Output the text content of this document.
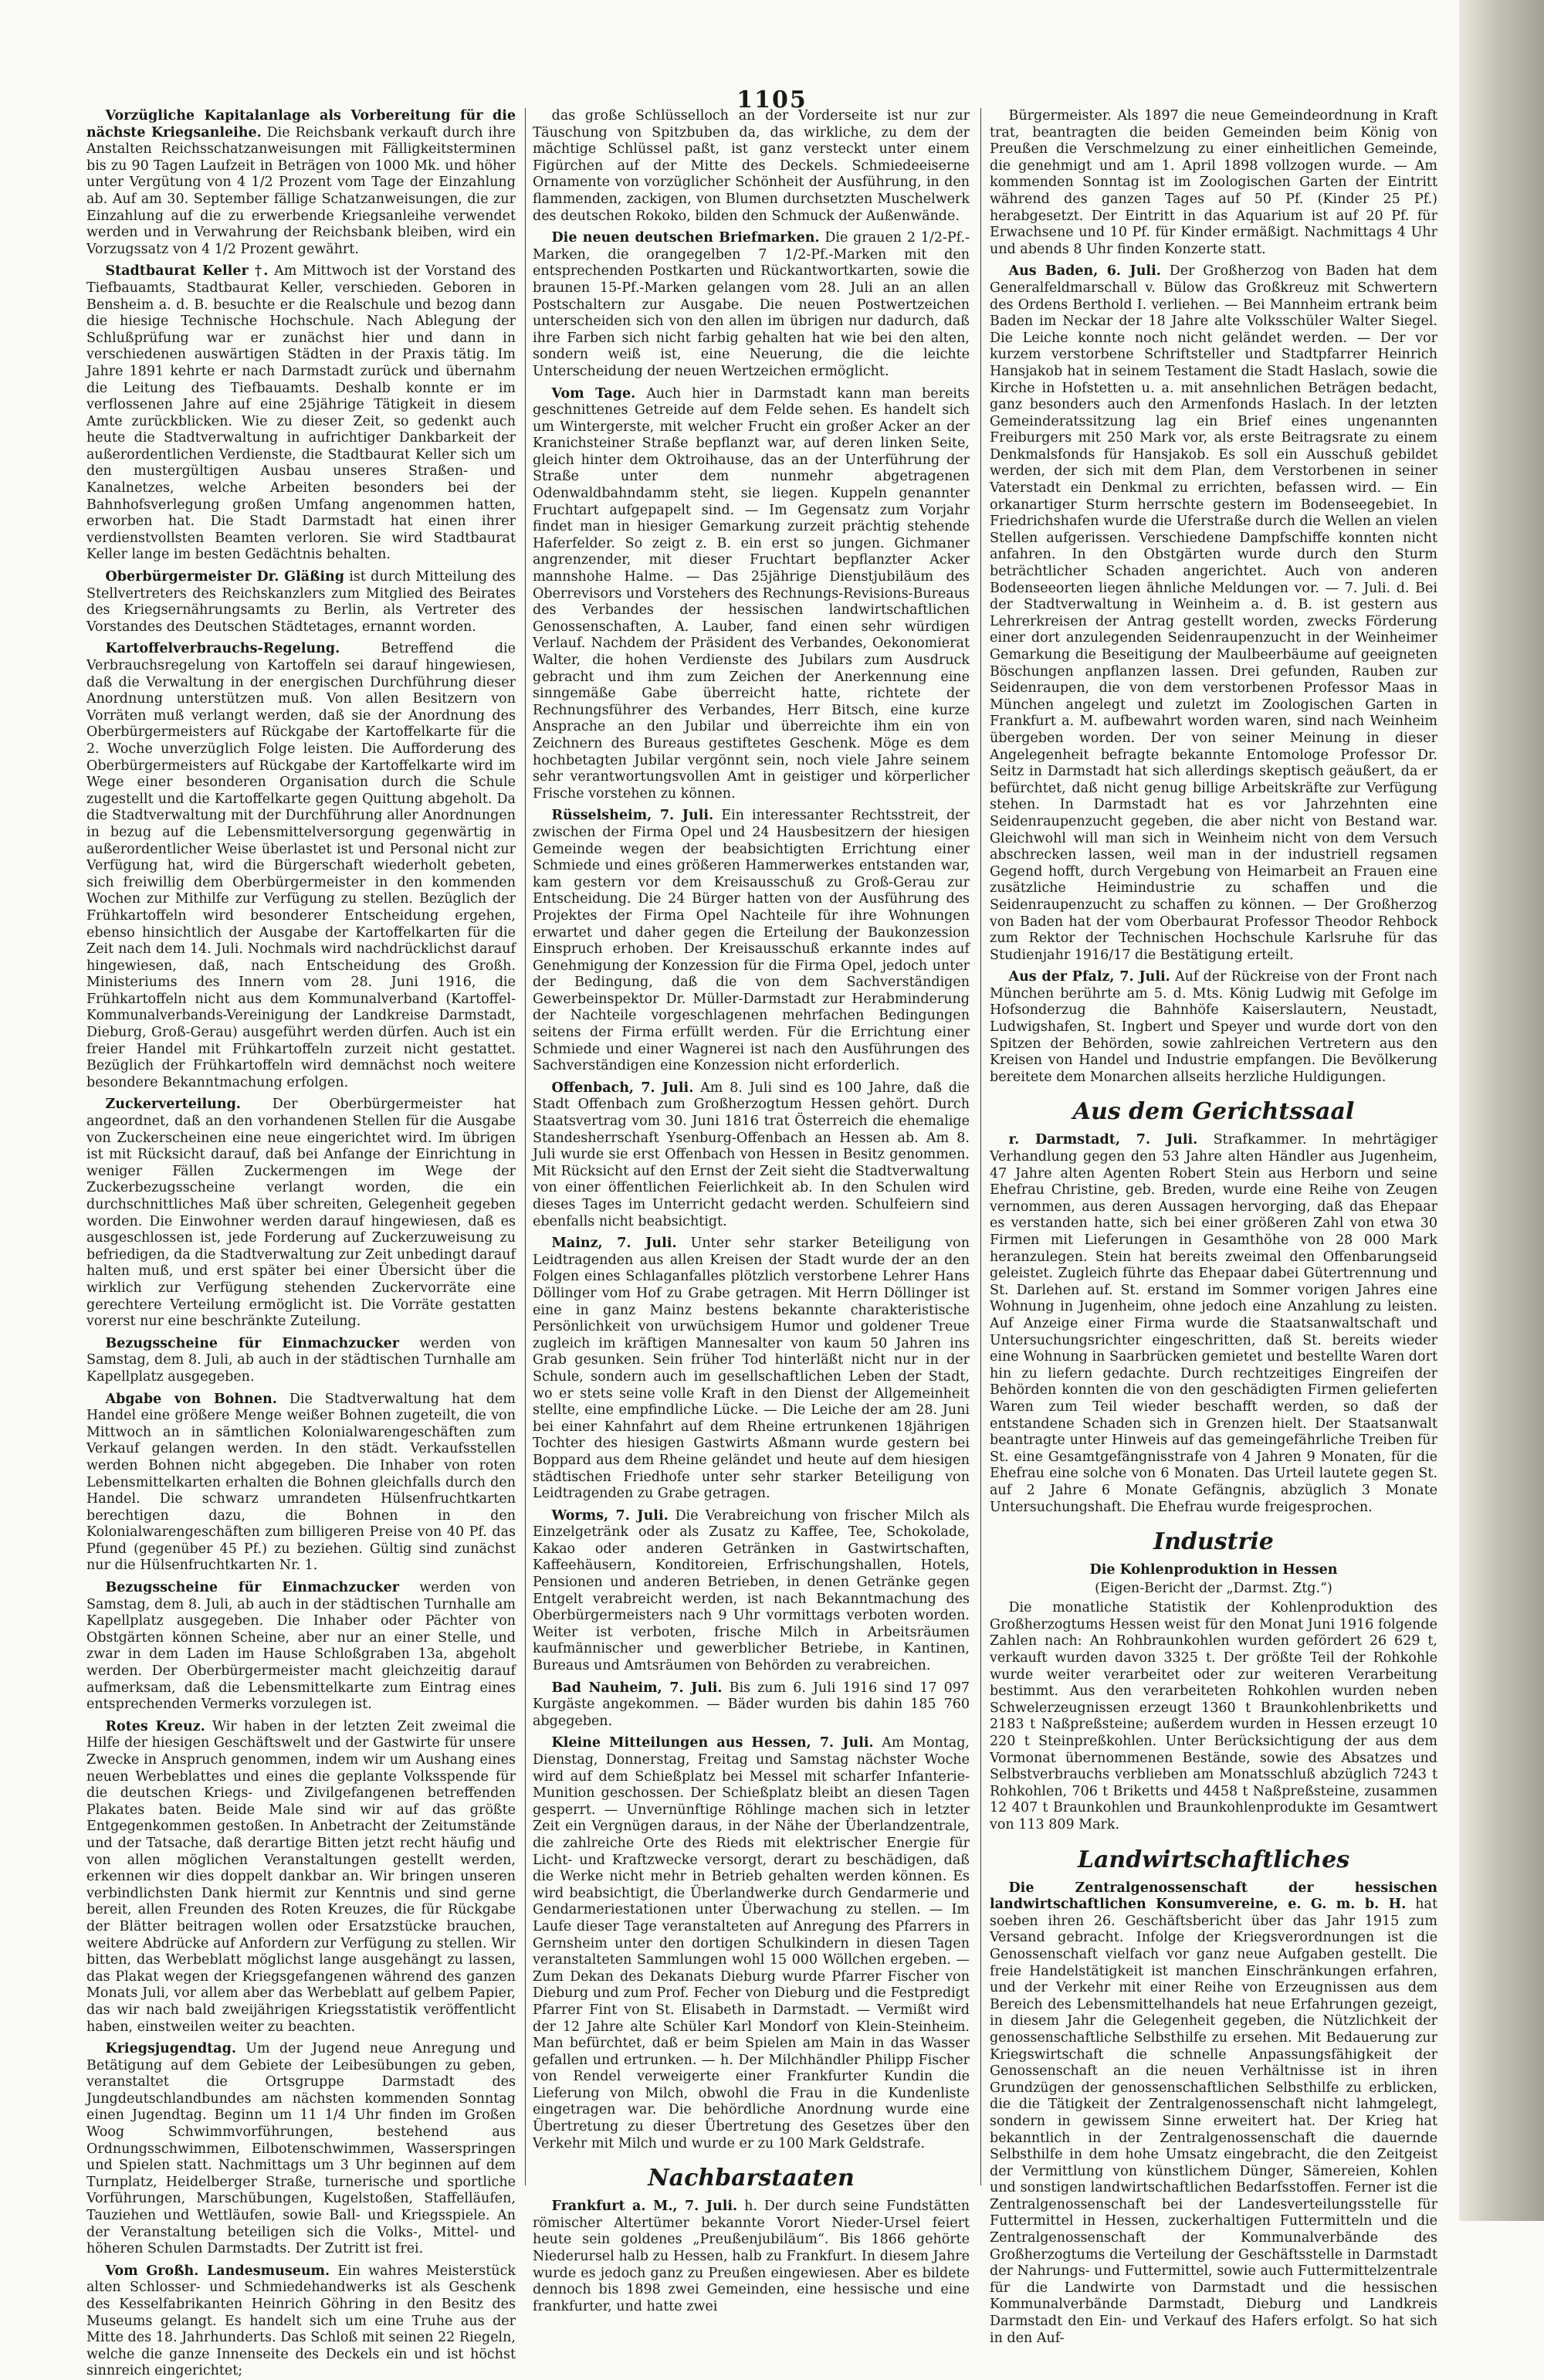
1105

Vorzügliche Kapitalanlage als Vorbereitung für die nächste Kriegsanleihe. Die Reichsbank verkauft durch ihre Anstalten Reichsschatzanweisungen mit Fälligkeitsterminen bis zu 90 Tagen Laufzeit in Beträgen von 1000 Mk. und höher unter Vergütung von 4 1/2 Prozent vom Tage der Einzahlung ab. Auf am 30. September fällige Schatzanweisungen, die zur Einzahlung auf die zu erwerbende Kriegsanleihe verwendet werden und in Verwahrung der Reichsbank bleiben, wird ein Vorzugssatz von 4 1/2 Prozent gewährt.

Stadtbaurat Keller †. Am Mittwoch ist der Vorstand des Tiefbauamts, Stadtbaurat Keller, verschieden. Geboren in Bensheim a. d. B. besuchte er die Realschule und bezog dann die hiesige Technische Hochschule. Nach Ablegung der Schlußprüfung war er zunächst hier und dann in verschiedenen auswärtigen Städten in der Praxis tätig. Im Jahre 1891 kehrte er nach Darmstadt zurück und übernahm die Leitung des Tiefbauamts. Deshalb konnte er im verflossenen Jahre auf eine 25jährige Tätigkeit in diesem Amte zurückblicken. Wie zu dieser Zeit, so gedenkt auch heute die Stadtverwaltung in aufrichtiger Dankbarkeit der außerordentlichen Verdienste, die Stadtbaurat Keller sich um den mustergültigen Ausbau unseres Straßen- und Kanalnetzes, welche Arbeiten besonders bei der Bahnhofsverlegung großen Umfang angenommen hatten, erworben hat. Die Stadt Darmstadt hat einen ihrer verdienstvollsten Beamten verloren. Sie wird Stadtbaurat Keller lange im besten Gedächtnis behalten.

Oberbürgermeister Dr. Gläßing ist durch Mitteilung des Stellvertreters des Reichskanzlers zum Mitglied des Beirates des Kriegsernährungsamts zu Berlin, als Vertreter des Vorstandes des Deutschen Städtetages, ernannt worden.

Kartoffelverbrauchs-Regelung.	Betreffend die Verbrauchsregelung von Kartoffeln sei darauf hingewiesen, daß die Verwaltung in der energischen Durchführung dieser Anordnung unterstützen muß. Von allen Besitzern von Vorräten muß verlangt werden, daß sie der Anordnung des Oberbürgermeisters auf Rückgabe der Kartoffelkarte für die 2. Woche unverzüglich Folge leisten. Die Aufforderung des Oberbürgermeisters auf Rückgabe der Kartoffelkarte wird im Wege einer besonderen Organisation durch die Schule zugestellt und die Kartoffelkarte gegen Quittung abgeholt. Da die Stadtverwaltung mit der Durchführung aller Anordnungen in bezug auf die Lebensmittelversorgung gegenwärtig in außerordentlicher Weise überlastet ist und Personal nicht zur Verfügung hat, wird die Bürgerschaft wiederholt gebeten, sich freiwillig dem Oberbürgermeister in den kommenden Wochen zur Mithilfe zur Verfügung zu stellen. Bezüglich der Frühkartoffeln wird besonderer Entscheidung ergehen, ebenso hinsichtlich der Ausgabe der Kartoffelkarten für die Zeit nach dem 14. Juli. Nochmals wird nachdrücklichst darauf hingewiesen, daß, nach Entscheidung des Großh. Ministeriums des Innern vom 28. Juni 1916, die Frühkartoffeln nicht aus dem Kommunalverband (Kartoffel-Kommunalverbands-Vereinigung der Landkreise Darmstadt, Dieburg, Groß-Gerau) ausgeführt werden dürfen. Auch ist ein freier Handel mit Frühkartoffeln zurzeit nicht gestattet. Bezüglich der Frühkartoffeln wird demnächst noch weitere besondere Bekanntmachung erfolgen.

Zuckerverteilung. Der Oberbürgermeister hat angeordnet, daß an den vorhandenen Stellen für die Ausgabe von Zuckerscheinen eine neue eingerichtet wird. Im übrigen ist mit Rücksicht darauf, daß bei Anfange der Einrichtung in weniger Fällen Zuckermengen im Wege der Zuckerbezugsscheine verlangt worden, die ein durchschnittliches Maß über schreiten, Gelegenheit gegeben worden. Die Einwohner werden darauf hingewiesen, daß es ausgeschlossen ist, jede Forderung auf Zuckerzuweisung zu befriedigen, da die Stadtverwaltung zur Zeit unbedingt darauf halten muß, und erst später bei einer Übersicht über die wirklich zur Verfügung stehenden Zuckervorräte eine gerechtere Verteilung ermöglicht ist. Die Vorräte gestatten vorerst nur eine beschränkte Zuteilung.

Bezugsscheine für Einmachzucker werden von Samstag, dem 8. Juli, ab auch in der städtischen Turnhalle am Kapellplatz ausgegeben.

Abgabe von Bohnen. Die Stadtverwaltung hat dem Handel eine größere Menge weißer Bohnen zugeteilt, die von Mittwoch an in sämtlichen Kolonialwarengeschäften zum Verkauf gelangen werden. In den städt. Verkaufsstellen werden Bohnen nicht abgegeben. Die Inhaber von roten Lebensmittelkarten erhalten die Bohnen gleichfalls durch den Handel. Die schwarz umrandeten Hülsenfruchtkarten berechtigen dazu, die Bohnen in den Kolonialwarengeschäften zum billigeren Preise von 40 Pf. das Pfund (gegenüber 45 Pf.) zu beziehen. Gültig sind zunächst nur die Hülsenfruchtkarten Nr. 1.

Bezugsscheine für Einmachzucker werden von Samstag, dem 8. Juli, ab auch in der städtischen Turnhalle am Kapellplatz ausgegeben. Die Inhaber oder Pächter von Obstgärten können Scheine, aber nur an einer Stelle, und zwar in dem Laden im Hause Schloßgraben 13a, abgeholt werden. Der Oberbürgermeister macht gleichzeitig darauf aufmerksam, daß die Lebensmittelkarte zum Eintrag eines entsprechenden Vermerks vorzulegen ist.

Rotes Kreuz. Wir haben in der letzten Zeit zweimal die Hilfe der hiesigen Geschäftswelt und der Gastwirte für unsere Zwecke in Anspruch genommen, indem wir um Aushang eines neuen Werbeblattes und eines die geplante Volksspende für die deutschen Kriegs- und Zivilgefangenen betreffenden Plakates baten. Beide Male sind wir auf das größte Entgegenkommen gestoßen. In Anbetracht der Zeitumstände und der Tatsache, daß derartige Bitten jetzt recht häufig und von allen möglichen Veranstaltungen gestellt werden, erkennen wir dies doppelt dankbar an. Wir bringen unseren verbindlichsten Dank hiermit zur Kenntnis und sind gerne bereit, allen Freunden des Roten Kreuzes, die für Rückgabe der Blätter beitragen wollen oder Ersatzstücke brauchen, weitere Abdrücke auf Anfordern zur Verfügung zu stellen. Wir bitten, das Werbeblatt möglichst lange ausgehängt zu lassen, das Plakat wegen der Kriegsgefangenen während des ganzen Monats Juli, vor allem aber das Werbeblatt auf gelbem Papier, das wir nach bald zweijährigen Kriegsstatistik veröffentlicht haben, einstweilen weiter zu beachten.

Kriegsjugendtag. Um der Jugend neue Anregung und Betätigung auf dem Gebiete der Leibesübungen zu geben, veranstaltet die Ortsgruppe Darmstadt des Jungdeutschlandbundes am nächsten kommenden Sonntag einen Jugendtag. Beginn um 11 1/4 Uhr finden im Großen Woog Schwimmvorführungen, bestehend aus Ordnungsschwimmen, Eilbotenschwimmen, Wasserspringen und Spielen statt. Nachmittags um 3 Uhr beginnen auf dem Turnplatz, Heidelberger Straße, turnerische und sportliche Vorführungen, Marschübungen, Kugelstoßen, Staffelläufen, Tauziehen und Wettläufen, sowie Ball- und Kriegsspiele. An der Veranstaltung beteiligen sich die Volks-, Mittel- und höheren Schulen Darmstadts. Der Zutritt ist frei.

Vom Großh. Landesmuseum. Ein wahres Meisterstück alten Schlosser- und Schmiedehandwerks ist als Geschenk des Kesselfabrikanten Heinrich Göhring in den Besitz des Museums gelangt. Es handelt sich um eine Truhe aus der Mitte des 18. Jahrhunderts. Das Schloß mit seinen 22 Riegeln, welche die ganze Innenseite des Deckels ein und ist höchst sinnreich eingerichtet;

das große Schlüsselloch an der Vorderseite ist nur zur Täuschung von Spitzbuben da, das wirkliche, zu dem der mächtige Schlüssel paßt, ist ganz versteckt unter einem Figürchen auf der Mitte des Deckels. Schmiedeeiserne Ornamente von vorzüglicher Schönheit der Ausführung, in den flammenden, zackigen, von Blumen durchsetzten Muschelwerk des deutschen Rokoko, bilden den Schmuck der Außenwände.

Die neuen deutschen Briefmarken. Die grauen 2 1/2-Pf.-Marken, die orangegelben 7 1/2-Pf.-Marken mit den entsprechenden Postkarten und Rückantwortkarten, sowie die braunen 15-Pf.-Marken gelangen vom 28. Juli an an allen Postschaltern zur Ausgabe. Die neuen Postwertzeichen unterscheiden sich von den allen im übrigen nur dadurch, daß ihre Farben sich nicht farbig gehalten hat wie bei den alten, sondern weiß ist, eine Neuerung, die die leichte Unterscheidung der neuen Wertzeichen ermöglicht.

Vom Tage. Auch hier in Darmstadt kann man bereits geschnittenes Getreide auf dem Felde sehen. Es handelt sich um Wintergerste, mit welcher Frucht ein großer Acker an der Kranichsteiner Straße bepflanzt war, auf deren linken Seite, gleich hinter dem Oktroihause, das an der Unterführung der Straße unter dem nunmehr abgetragenen Odenwaldbahndamm steht, sie liegen. Kuppeln genannter Fruchtart aufgepapelt sind. — Im Gegensatz zum Vorjahr findet man in hiesiger Gemarkung zurzeit prächtig stehende Haferfelder. So zeigt z. B. ein erst so jungen. Gichmaner angrenzender, mit dieser Fruchtart bepflanzter Acker mannshohe Halme. — Das 25jährige Dienstjubiläum des Oberrevisors und Vorstehers des Rechnungs-Revisions-Bureaus des Verbandes der hessischen landwirtschaftlichen Genossenschaften, A. Lauber, fand einen sehr würdigen Verlauf. Nachdem der Präsident des Verbandes, Oekonomierat Walter, die hohen Verdienste des Jubilars zum Ausdruck gebracht und ihm zum Zeichen der Anerkennung eine sinngemäße Gabe überreicht hatte, richtete der Rechnungsführer des Verbandes, Herr Bitsch, eine kurze Ansprache an den Jubilar und überreichte ihm ein von Zeichnern des Bureaus gestiftetes Geschenk. Möge es dem hochbetagten Jubilar vergönnt sein, noch viele Jahre seinem sehr verantwortungsvollen Amt in geistiger und körperlicher Frische vorstehen zu können.

Rüsselsheim, 7. Juli. Ein interessanter Rechtsstreit, der zwischen der Firma Opel und 24 Hausbesitzern der hiesigen Gemeinde wegen der beabsichtigten Errichtung einer Schmiede und eines größeren Hammerwerkes entstanden war, kam gestern vor dem Kreisausschuß zu Groß-Gerau zur Entscheidung. Die 24 Bürger hatten von der Ausführung des Projektes der Firma Opel Nachteile für ihre Wohnungen erwartet und daher gegen die Erteilung der Baukonzession Einspruch erhoben. Der Kreisausschuß erkannte indes auf Genehmigung der Konzession für die Firma Opel, jedoch unter der Bedingung, daß die von dem Sachverständigen Gewerbeinspektor Dr. Müller-Darmstadt zur Herabminderung der Nachteile vorgeschlagenen mehrfachen Bedingungen seitens der Firma erfüllt werden. Für die Errichtung einer Schmiede und einer Wagnerei ist nach den Ausführungen des Sachverständigen eine Konzession nicht erforderlich.

Offenbach, 7. Juli. Am 8. Juli sind es 100 Jahre, daß die Stadt Offenbach zum Großherzogtum Hessen gehört. Durch Staatsvertrag vom 30. Juni 1816 trat Österreich die ehemalige Standesherrschaft Ysenburg-Offenbach an Hessen ab. Am 8. Juli wurde sie erst Offenbach von Hessen in Besitz genommen. Mit Rücksicht auf den Ernst der Zeit sieht die Stadtverwaltung von einer öffentlichen Feierlichkeit ab. In den Schulen wird dieses Tages im Unterricht gedacht werden. Schulfeiern sind ebenfalls nicht beabsichtigt.

Mainz, 7. Juli. Unter sehr starker Beteiligung von Leidtragenden aus allen Kreisen der Stadt wurde der an den Folgen eines Schlaganfalles plötzlich verstorbene Lehrer Hans Döllinger vom Hof zu Grabe getragen. Mit Herrn Döllinger ist eine in ganz Mainz bestens bekannte charakteristische Persönlichkeit von urwüchsigem Humor und goldener Treue zugleich im kräftigen Mannesalter von kaum 50 Jahren ins Grab gesunken. Sein früher Tod hinterläßt nicht nur in der Schule, sondern auch im gesellschaftlichen Leben der Stadt, wo er stets seine volle Kraft in den Dienst der Allgemeinheit stellte, eine empfindliche Lücke. — Die Leiche der am 28. Juni bei einer Kahnfahrt auf dem Rheine ertrunkenen 18jährigen Tochter des hiesigen Gastwirts Aßmann wurde gestern bei Boppard aus dem Rheine geländet und heute auf dem hiesigen städtischen Friedhofe unter sehr starker Beteiligung von Leidtragenden zu Grabe getragen.

Worms, 7. Juli. Die Verabreichung von frischer Milch als Einzelgetränk oder als Zusatz zu Kaffee, Tee, Schokolade, Kakao oder anderen Getränken in Gastwirtschaften, Kaffeehäusern, Konditoreien, Erfrischungshallen, Hotels, Pensionen und anderen Betrieben, in denen Getränke gegen Entgelt verabreicht werden, ist nach Bekanntmachung des Oberbürgermeisters nach 9 Uhr vormittags verboten worden. Weiter ist verboten, frische Milch in Arbeitsräumen kaufmännischer und gewerblicher Betriebe, in Kantinen, Bureaus und Amtsräumen von Behörden zu verabreichen.

Bad Nauheim, 7. Juli. Bis zum 6. Juli 1916 sind 17 097 Kurgäste angekommen. — Bäder wurden bis dahin 185 760 abgegeben.

Kleine Mitteilungen aus Hessen, 7. Juli. Am Montag, Dienstag, Donnerstag, Freitag und Samstag nächster Woche wird auf dem Schießplatz bei Messel mit scharfer Infanterie-Munition geschossen. Der Schießplatz bleibt an diesen Tagen gesperrt. — Unvernünftige Röhlinge machen sich in letzter Zeit ein Vergnügen daraus, in der Nähe der Überlandzentrale, die zahlreiche Orte des Rieds mit elektrischer Energie für Licht- und Kraftzwecke versorgt, derart zu beschädigen, daß die Werke nicht mehr in Betrieb gehalten werden können. Es wird beabsichtigt, die Überlandwerke durch Gendarmerie und Gendarmeriestationen unter Überwachung zu stellen. — Im Laufe dieser Tage veranstalteten auf Anregung des Pfarrers in Gernsheim unter den dortigen Schulkindern in diesen Tagen veranstalteten Sammlungen wohl 15 000 Wöllchen ergeben. — Zum Dekan des Dekanats Dieburg wurde Pfarrer Fischer von Dieburg und zum Prof. Fecher von Dieburg und die Festpredigt Pfarrer Fint von St. Elisabeth in Darmstadt. — Vermißt wird der 12 Jahre alte Schüler Karl Mondorf von Klein-Steinheim. Man befürchtet, daß er beim Spielen am Main in das Wasser gefallen und ertrunken. — h. Der Milchhändler Philipp Fischer von Rendel verweigerte einer Frankfurter Kundin die Lieferung von Milch, obwohl die Frau in die Kundenliste eingetragen war. Die behördliche Anordnung wurde eine Übertretung zu dieser Übertretung des Gesetzes über den Verkehr mit Milch und wurde er zu 100 Mark Geldstrafe.

Nachbarstaaten

Frankfurt a. M., 7. Juli. h. Der durch seine Fundstätten römischer Altertümer bekannte Vorort Nieder-Ursel feiert heute sein goldenes „Preußenjubiläum“. Bis 1866 gehörte Niederursel halb zu Hessen, halb zu Frankfurt. In diesem Jahre wurde es jedoch ganz zu Preußen eingewiesen. Aber es bildete dennoch bis 1898 zwei Gemeinden, eine hessische und eine frankfurter, und hatte zwei

Bürgermeister. Als 1897 die neue Gemeindeordnung in Kraft trat, beantragten die beiden Gemeinden beim König von Preußen die Verschmelzung zu einer einheitlichen Gemeinde, die genehmigt und am 1. April 1898 vollzogen wurde. — Am kommenden Sonntag ist im Zoologischen Garten der Eintritt während des ganzen Tages auf 50 Pf. (Kinder 25 Pf.) herabgesetzt. Der Eintritt in das Aquarium ist auf 20 Pf. für Erwachsene und 10 Pf. für Kinder ermäßigt. Nachmittags 4 Uhr und abends 8 Uhr finden Konzerte statt.

Aus Baden, 6. Juli. Der Großherzog von Baden hat dem Generalfeldmarschall v. Bülow das Großkreuz mit Schwertern des Ordens Berthold I. verliehen. — Bei Mannheim ertrank beim Baden im Neckar der 18 Jahre alte Volksschüler Walter Siegel. Die Leiche konnte noch nicht geländet werden. — Der vor kurzem verstorbene Schriftsteller und Stadtpfarrer Heinrich Hansjakob hat in seinem Testament die Stadt Haslach, sowie die Kirche in Hofstetten u. a. mit ansehnlichen Beträgen bedacht, ganz besonders auch den Armenfonds Haslach. In der letzten Gemeinderatssitzung lag ein Brief eines ungenannten Freiburgers mit 250 Mark vor, als erste Beitragsrate zu einem Denkmalsfonds für Hansjakob. Es soll ein Ausschuß gebildet werden, der sich mit dem Plan, dem Verstorbenen in seiner Vaterstadt ein Denkmal zu errichten, befassen wird. — Ein orkanartiger Sturm herrschte gestern im Bodenseegebiet. In Friedrichshafen wurde die Uferstraße durch die Wellen an vielen Stellen aufgerissen. Verschiedene Dampfschiffe konnten nicht anfahren. In den Obstgärten wurde durch den Sturm beträchtlicher Schaden angerichtet. Auch von anderen Bodenseeorten liegen ähnliche Meldungen vor. — 7. Juli. d. Bei der Stadtverwaltung in Weinheim a. d. B. ist gestern aus Lehrerkreisen der Antrag gestellt worden, zwecks Förderung einer dort anzulegenden Seidenraupenzucht in der Weinheimer Gemarkung die Beseitigung der Maulbeerbäume auf geeigneten Böschungen anpflanzen lassen. Drei gefunden, Rauben zur Seidenraupen, die von dem verstorbenen Professor Maas in München angelegt und zuletzt im Zoologischen Garten in Frankfurt a. M. aufbewahrt worden waren, sind nach Weinheim übergeben worden. Der von seiner Meinung in dieser Angelegenheit befragte bekannte Entomologe Professor Dr. Seitz in Darmstadt hat sich allerdings skeptisch geäußert, da er befürchtet, daß nicht genug billige Arbeitskräfte zur Verfügung stehen. In Darmstadt hat es vor Jahrzehnten eine Seidenraupenzucht gegeben, die aber nicht von Bestand war. Gleichwohl will man sich in Weinheim nicht von dem Versuch abschrecken lassen, weil man in der industriell regsamen Gegend hofft, durch Vergebung von Heimarbeit an Frauen eine zusätzliche Heimindustrie zu schaffen und die Seidenraupenzucht zu schaffen zu können. — Der Großherzog von Baden hat der vom Oberbaurat Professor Theodor Rehbock zum Rektor der Technischen Hochschule Karlsruhe für das Studienjahr 1916/17 die Bestätigung erteilt.

Aus der Pfalz, 7. Juli. Auf der Rückreise von der Front nach München berührte am 5. d. Mts. König Ludwig mit Gefolge im Hofsonderzug die Bahnhöfe Kaiserslautern, Neustadt, Ludwigshafen, St. Ingbert und Speyer und wurde dort von den Spitzen der Behörden, sowie zahlreichen Vertretern aus den Kreisen von Handel und Industrie empfangen. Die Bevölkerung bereitete dem Monarchen allseits herzliche Huldigungen.

Aus dem Gerichtssaal

r. Darmstadt, 7. Juli. Strafkammer. In mehrtägiger Verhandlung gegen den 53 Jahre alten Händler aus Jugenheim, 47 Jahre alten Agenten Robert Stein aus Herborn und seine Ehefrau Christine, geb. Breden, wurde eine Reihe von Zeugen vernommen, aus deren Aussagen hervorging, daß das Ehepaar es verstanden hatte, sich bei einer größeren Zahl von etwa 30 Firmen mit Lieferungen in Gesamthöhe von 28 000 Mark heranzulegen. Stein hat bereits zweimal den Offenbarungseid geleistet. Zugleich führte das Ehepaar dabei Gütertrennung und St. Darlehen auf. St. erstand im Sommer vorigen Jahres eine Wohnung in Jugenheim, ohne jedoch eine Anzahlung zu leisten. Auf Anzeige einer Firma wurde die Staatsanwaltschaft und Untersuchungsrichter eingeschritten, daß St. bereits wieder eine Wohnung in Saarbrücken gemietet und bestellte Waren dort hin zu liefern gedachte. Durch rechtzeitiges Eingreifen der Behörden konnten die von den geschädigten Firmen gelieferten Waren zum Teil wieder beschafft werden, so daß der entstandene Schaden sich in Grenzen hielt. Der Staatsanwalt beantragte unter Hinweis auf das gemeingefährliche Treiben für St. eine Gesamtgefängnisstrafe von 4 Jahren 9 Monaten, für die Ehefrau eine solche von 6 Monaten. Das Urteil lautete gegen St. auf 2 Jahre 6 Monate Gefängnis, abzüglich 3 Monate Untersuchungshaft. Die Ehefrau wurde freigesprochen.

Industrie
Die Kohlenproduktion in Hessen
(Eigen-Bericht der „Darmst. Ztg.“)

Die monatliche Statistik der Kohlenproduktion des Großherzogtums Hessen weist für den Monat Juni 1916 folgende Zahlen nach: An Rohbraunkohlen wurden gefördert 26 629 t, verkauft wurden davon 3325 t. Der größte Teil der Rohkohle wurde weiter verarbeitet oder zur weiteren Verarbeitung bestimmt. Aus den verarbeiteten Rohkohlen wurden neben Schwelerzeugnissen erzeugt 1360 t Braunkohlenbriketts und 2183 t Naßpreßsteine; außerdem wurden in Hessen erzeugt 10 220 t Steinpreßkohlen. Unter Berücksichtigung der aus dem Vormonat übernommenen Bestände, sowie des Absatzes und Selbstverbrauchs verblieben am Monatsschluß abzüglich 7243 t Rohkohlen, 706 t Briketts und 4458 t Naßpreßsteine, zusammen 12 407 t Braunkohlen und Braunkohlenprodukte im Gesamtwert von 113 809 Mark.

Landwirtschaftliches

Die Zentralgenossenschaft der hessischen landwirtschaftlichen Konsumvereine, e. G. m. b. H. hat soeben ihren 26. Geschäftsbericht über das Jahr 1915 zum Versand gebracht. Infolge der Kriegsverordnungen ist die Genossenschaft vielfach vor ganz neue Aufgaben gestellt. Die freie Handelstätigkeit ist manchen Einschränkungen erfahren, und der Verkehr mit einer Reihe von Erzeugnissen aus dem Bereich des Lebensmittelhandels hat neue Erfahrungen gezeigt, in diesem Jahr die Gelegenheit gegeben, die Nützlichkeit der genossenschaftliche Selbsthilfe zu ersehen. Mit Bedauerung zur Kriegswirtschaft die schnelle Anpassungsfähigkeit der Genossenschaft an die neuen Verhältnisse ist in ihren Grundzügen der genossenschaftlichen Selbsthilfe zu erblicken, die die Tätigkeit der Zentralgenossenschaft nicht lahmgelegt, sondern in gewissem Sinne erweitert hat. Der Krieg hat bekanntlich in der Zentralgenossenschaft die dauernde Selbsthilfe in dem hohe Umsatz eingebracht, die den Zeitgeist der Vermittlung von künstlichem Dünger, Sämereien, Kohlen und sonstigen landwirtschaftlichen Bedarfsstoffen. Ferner ist die Zentralgenossenschaft bei der Landesverteilungsstelle für Futtermittel in Hessen, zuckerhaltigen Futtermitteln und die Zentralgenossenschaft der Kommunalverbände des Großherzogtums die Verteilung der Geschäftsstelle in Darmstadt der Nahrungs- und Futtermittel, sowie auch Futtermittelzentrale für die Landwirte von Darmstadt und die hessischen Kommunalverbände Darmstadt, Dieburg und Landkreis Darmstadt den Ein- und Verkauf des Hafers erfolgt. So hat sich in den Auf-
